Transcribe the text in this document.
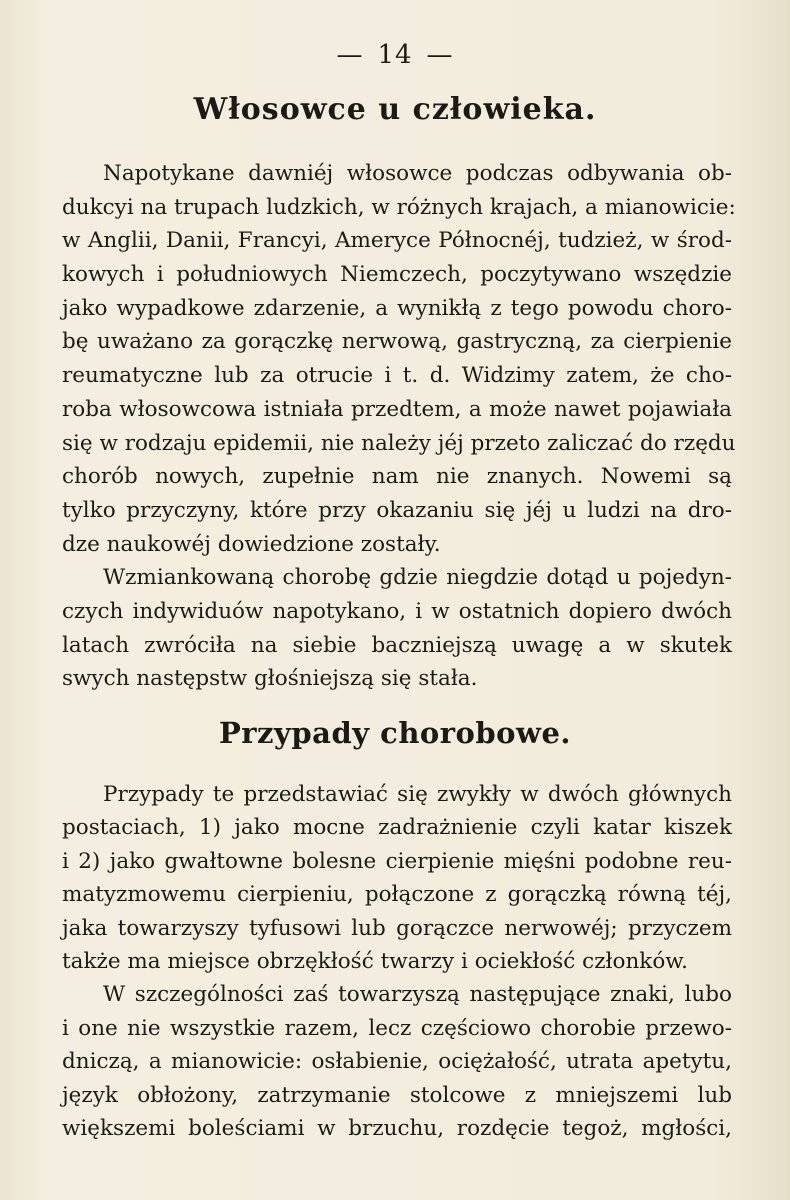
— 14 —
Włosowce u człowieka.
Napotykane dawniéj włosowce podczas odbywania ob-
dukcyi na trupach ludzkich, w różnych krajach, a mianowicie:
w Anglii, Danii, Francyi, Ameryce Północnéj, tudzież, w środ-
kowych i południowych Niemczech, poczytywano wszędzie
jako wypadkowe zdarzenie, a wynikłą z tego powodu choro-
bę uważano za gorączkę nerwową, gastryczną, za cierpienie
reumatyczne lub za otrucie i t. d. Widzimy zatem, że cho-
roba włosowcowa istniała przedtem, a może nawet pojawiała
się w rodzaju epidemii, nie należy jéj przeto zaliczać do rzędu
chorób nowych, zupełnie nam nie znanych. Nowemi są
tylko przyczyny, które przy okazaniu się jéj u ludzi na dro-
dze naukowéj dowiedzione zostały.
Wzmiankowaną chorobę gdzie niegdzie dotąd u pojedyn-
czych indywiduów napotykano, i w ostatnich dopiero dwóch
latach zwróciła na siebie baczniejszą uwagę a w skutek
swych następstw głośniejszą się stała.
Przypady chorobowe.
Przypady te przedstawiać się zwykły w dwóch głównych
postaciach, 1) jako mocne zadrażnienie czyli katar kiszek
i 2) jako gwałtowne bolesne cierpienie mięśni podobne reu-
matyzmowemu cierpieniu, połączone z gorączką równą téj,
jaka towarzyszy tyfusowi lub gorączce nerwowéj; przyczem
także ma miejsce obrzękłość twarzy i ociekłość członków.
W szczególności zaś towarzyszą następujące znaki, lubo
i one nie wszystkie razem, lecz częściowo chorobie przewo-
dniczą, a mianowicie: osłabienie, ociężałość, utrata apetytu,
język obłożony, zatrzymanie stolcowe z mniejszemi lub
większemi boleściami w brzuchu, rozdęcie tegoż, mgłości,
